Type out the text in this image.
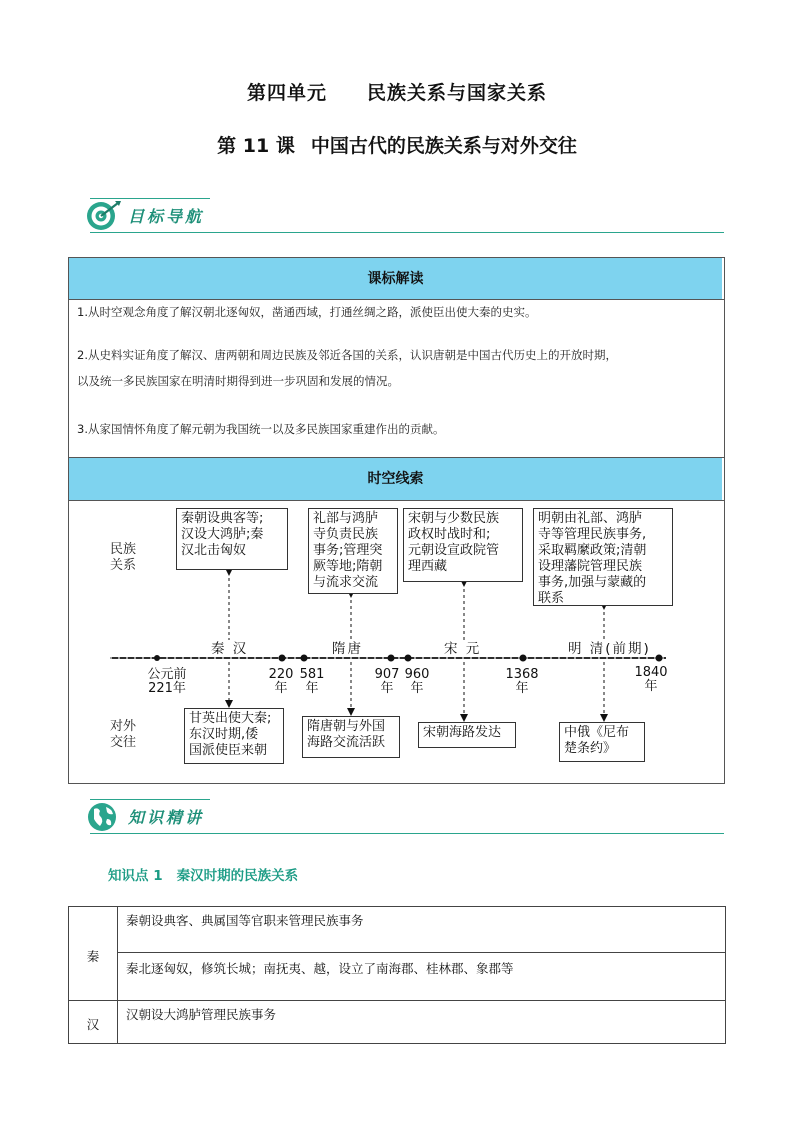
第四单元 民族关系与国家关系
第 11 课 中国古代的民族关系与对外交往
目标导航
课标解读
1.从时空观念角度了解汉朝北逐匈奴，凿通西域，打通丝绸之路，派使臣出使大秦的史实。
2.从史料实证角度了解汉、唐两朝和周边民族及邻近各国的关系，认识唐朝是中国古代历史上的开放时期，
以及统一多民族国家在明清时期得到进一步巩固和发展的情况。
3.从家国情怀角度了解元朝为我国统一以及多民族国家重建作出的贡献。
时空线索
民族
关系
对外
交往
秦 汉	隋唐	宋 元	明 清(前期)
公元前
221年
220
年
581
年
907
年
960
年
1368
年
1840
年
秦朝设典客等;
汉设大鸿胪;秦
汉北击匈奴
礼部与鸿胪
寺负责民族
事务;管理突
厥等地;隋朝
与流求交流
宋朝与少数民族
政权时战时和;
元朝设宣政院管
理西藏
明朝由礼部、鸿胪
寺等管理民族事务,
采取羁縻政策;清朝
设理藩院管理民族
事务,加强与蒙藏的
联系
甘英出使大秦;
东汉时期,倭
国派使臣来朝
隋唐朝与外国
海路交流活跃
宋朝海路发达	中俄《尼布
楚条约》
知识精讲
知识点 1 秦汉时期的民族关系
秦	秦朝设典客、典属国等官职来管理民族事务
	秦北逐匈奴，修筑长城；南抚夷、越，设立了南海郡、桂林郡、象郡等
汉	汉朝设大鸿胪管理民族事务
